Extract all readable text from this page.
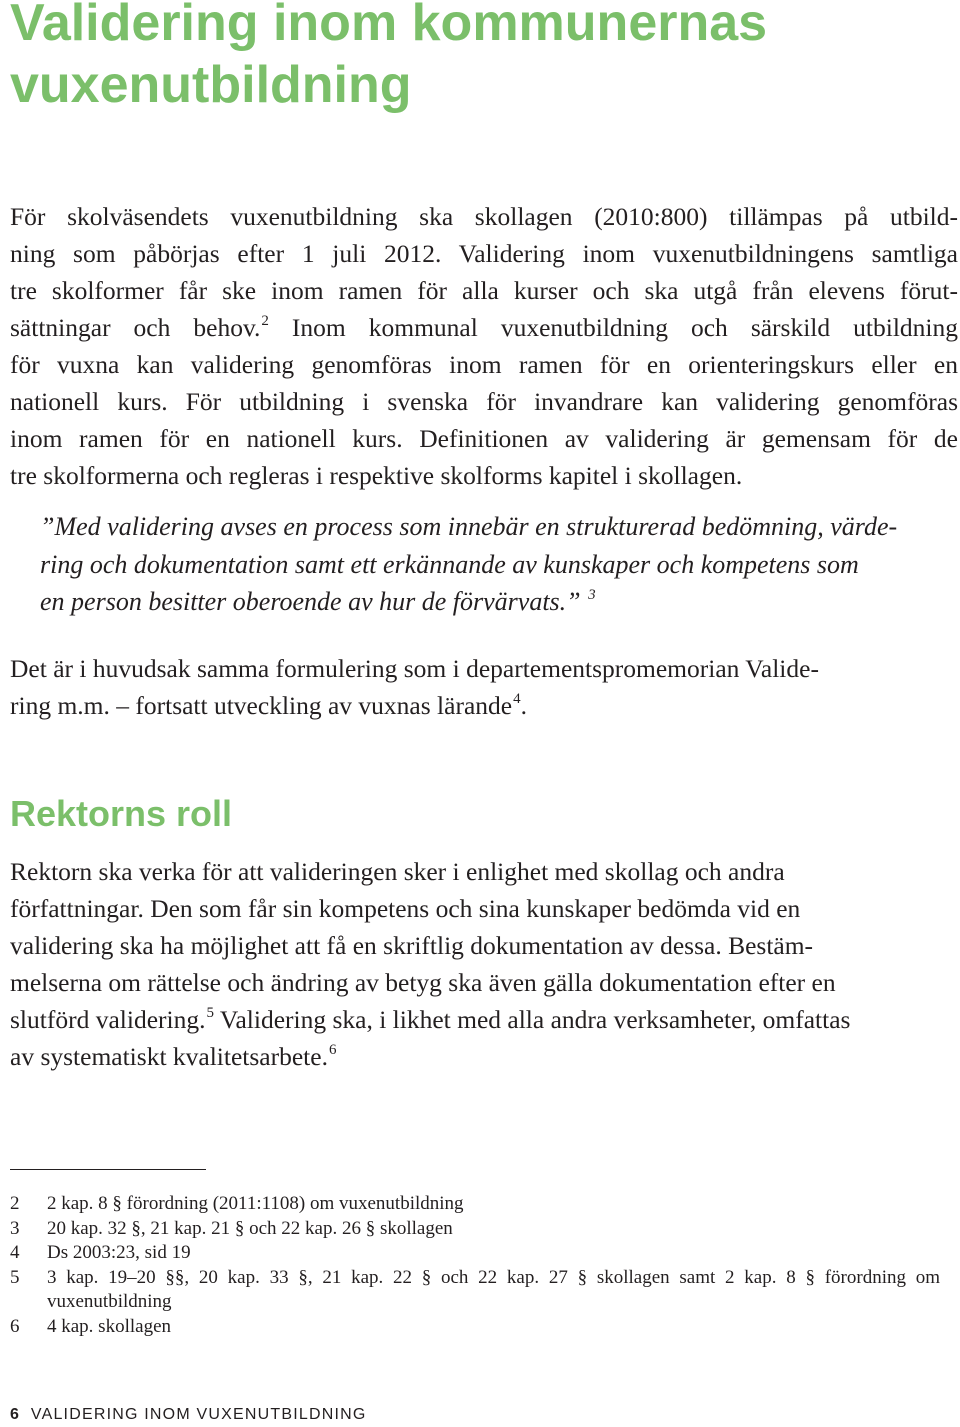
Validering inom kommunernas
vuxenutbildning
För skolväsendets vuxenutbildning ska skollagen (2010:800) tillämpas på utbild-
ning som påbörjas efter 1 juli 2012. Validering inom vuxenutbildningens samtliga
tre skolformer får ske inom ramen för alla kurser och ska utgå från elevens förut-
sättningar och behov.$^2$ Inom kommunal vuxenutbildning och särskild utbildning
för vuxna kan validering genomföras inom ramen för en orienteringskurs eller en
nationell kurs. För utbildning i svenska för invandrare kan validering genomföras
inom ramen för en nationell kurs. Definitionen av validering är gemensam för de
tre skolformerna och regleras i respektive skolforms kapitel i skollagen.
”Med validering avses en process som innebär en strukturerad bedömning, värde-
ring och dokumentation samt ett erkännande av kunskaper och kompetens som
en person besitter oberoende av hur de förvärvats.” $^3$
Det är i huvudsak samma formulering som i departementspromemorian Valide-
ring m.m. – fortsatt utveckling av vuxnas lärande$^4$.
Rektorns roll
Rektorn ska verka för att valideringen sker i enlighet med skollag och andra
författningar. Den som får sin kompetens och sina kunskaper bedömda vid en
validering ska ha möjlighet att få en skriftlig dokumentation av dessa. Bestäm-
melserna om rättelse och ändring av betyg ska även gälla dokumentation efter en
slutförd validering.$^5$ Validering ska, i likhet med alla andra verksamheter, omfattas
av systematiskt kvalitetsarbete.$^6$
2	2 kap. 8 § förordning (2011:1108) om vuxenutbildning
3	20 kap. 32 §, 21 kap. 21 § och 22 kap. 26 § skollagen
4	Ds 2003:23, sid 19
5	3 kap. 19–20 §§, 20 kap. 33 §, 21 kap. 22 § och 22 kap. 27 § skollagen samt 2 kap. 8 § förordning om
vuxenutbildning
6	4 kap. skollagen
6 VALIDERING INOM VUXENUTBILDNING
